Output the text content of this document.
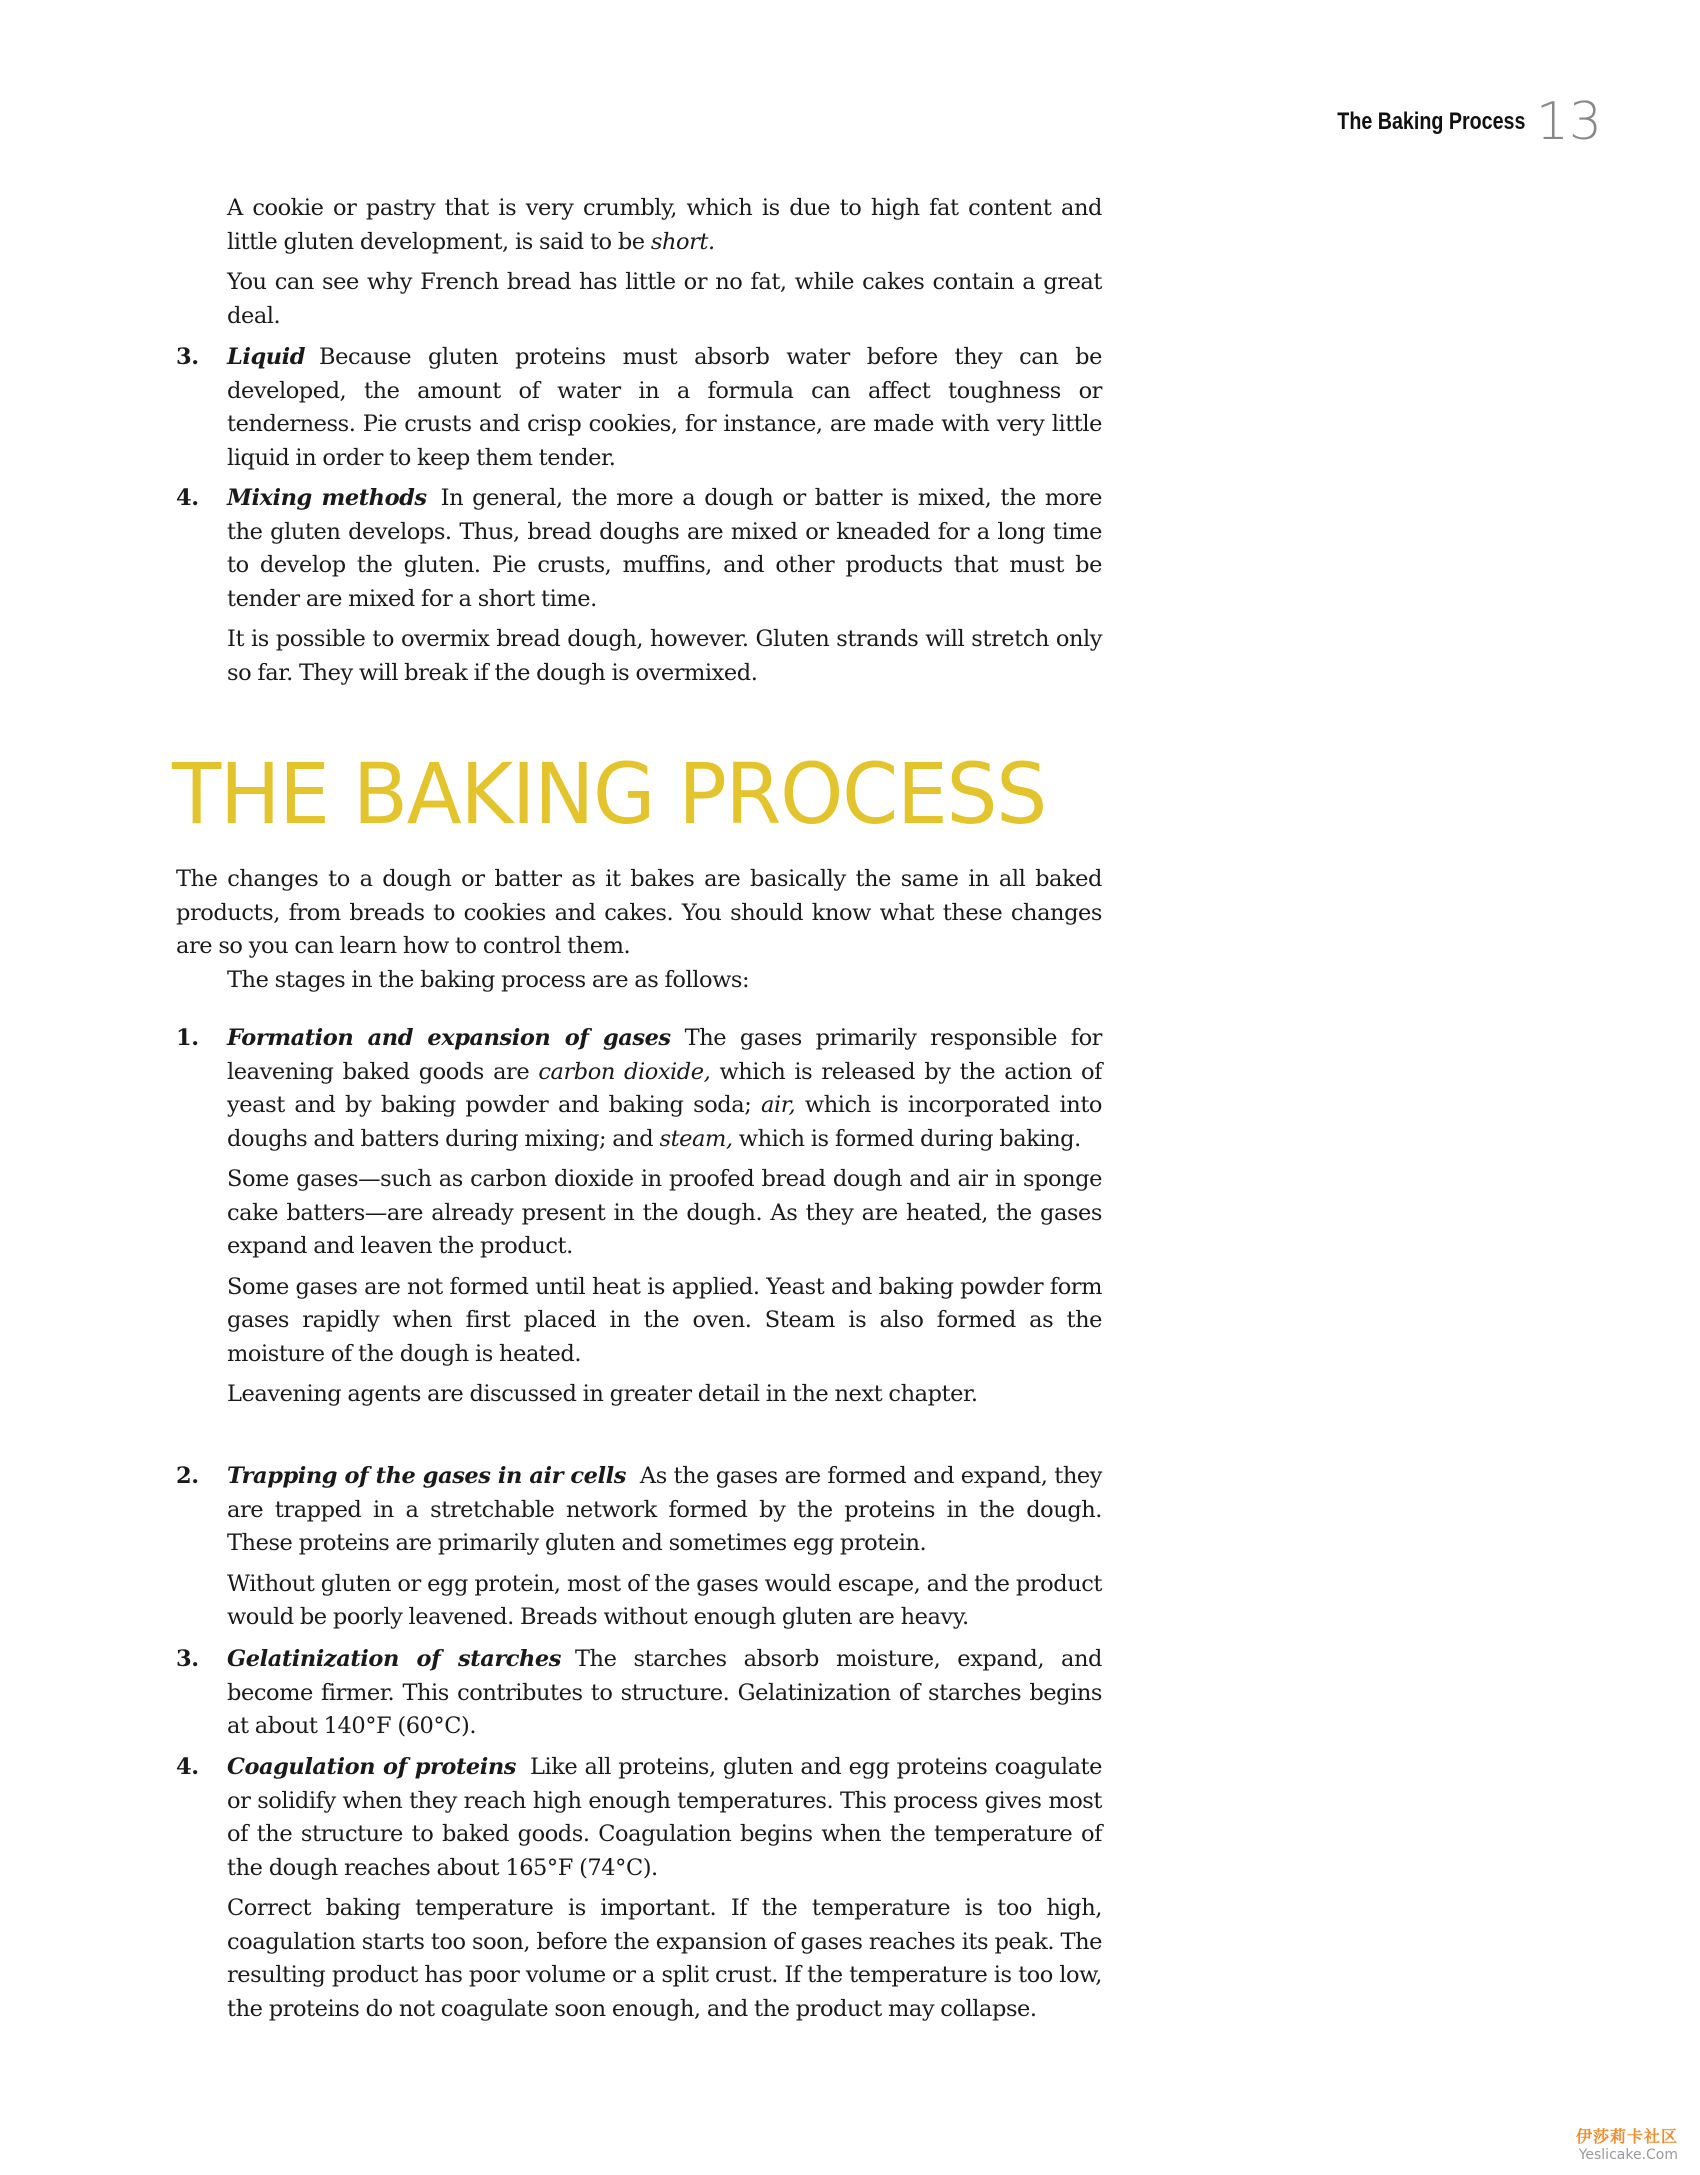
The Baking Process 13

A cookie or pastry that is very crumbly, which is due to high fat content and little gluten development, is said to be short.

You can see why French bread has little or no fat, while cakes contain a great deal.

3.	Liquid Because gluten proteins must absorb water before they can be developed, the amount of water in a formula can affect toughness or tenderness. Pie crusts and crisp cookies, for instance, are made with very little liquid in order to keep them tender.

4.	Mixing methods In general, the more a dough or batter is mixed, the more the gluten develops. Thus, bread doughs are mixed or kneaded for a long time to develop the gluten. Pie crusts, muffins, and other products that must be tender are mixed for a short time.

It is possible to overmix bread dough, however. Gluten strands will stretch only so far. They will break if the dough is overmixed.

THE BAKING PROCESS

The changes to a dough or batter as it bakes are basically the same in all baked products, from breads to cookies and cakes. You should know what these changes are so you can learn how to control them.

The stages in the baking process are as follows:

1.	Formation and expansion of gases The gases primarily responsible for leavening baked goods are carbon dioxide, which is released by the action of yeast and by baking powder and baking soda; air, which is incorporated into doughs and batters during mixing; and steam, which is formed during baking.

Some gases—such as carbon dioxide in proofed bread dough and air in sponge cake batters—are already present in the dough. As they are heated, the gases expand and leaven the product.

Some gases are not formed until heat is applied. Yeast and baking powder form gases rapidly when first placed in the oven. Steam is also formed as the moisture of the dough is heated.

Leavening agents are discussed in greater detail in the next chapter.

2.	Trapping of the gases in air cells As the gases are formed and expand, they are trapped in a stretchable network formed by the proteins in the dough. These proteins are primarily gluten and sometimes egg protein.

Without gluten or egg protein, most of the gases would escape, and the product would be poorly leavened. Breads without enough gluten are heavy.

3.	Gelatinization of starches The starches absorb moisture, expand, and become firmer. This contributes to structure. Gelatinization of starches begins at about 140°F (60°C).

4.	Coagulation of proteins Like all proteins, gluten and egg proteins coagulate or solidify when they reach high enough temperatures. This process gives most of the structure to baked goods. Coagulation begins when the temperature of the dough reaches about 165°F (74°C).

Correct baking temperature is important. If the temperature is too high, coagulation starts too soon, before the expansion of gases reaches its peak. The resulting product has poor volume or a split crust. If the temperature is too low, the proteins do not coagulate soon enough, and the product may collapse.

伊莎莉卡社区
Yeslicake.Com
